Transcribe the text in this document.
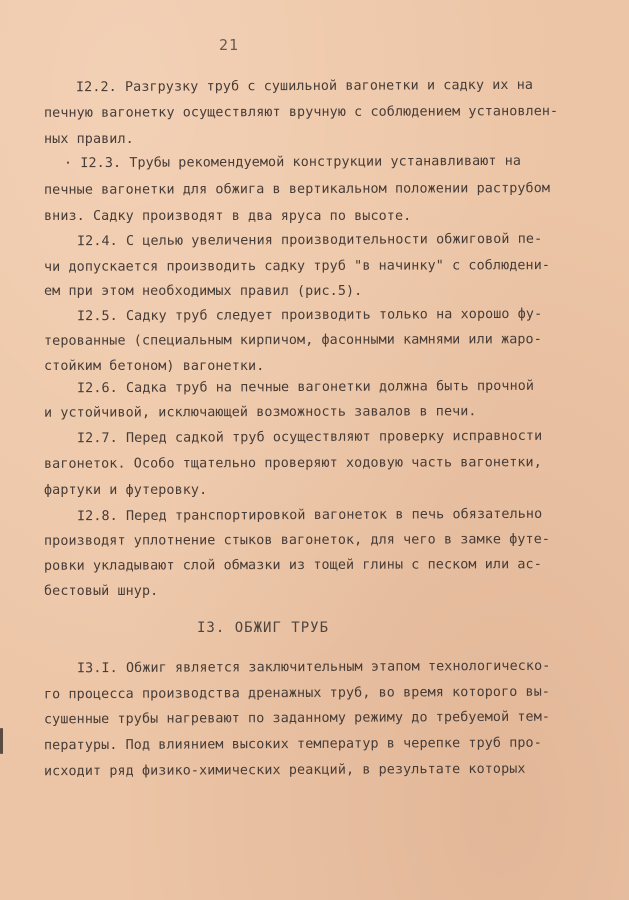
21
I2.2. Разгрузку труб с сушильной вагонетки и садку их на
печную вагонетку осуществляют вручную с соблюдением установлен-
ных правил.
· I2.3. Трубы рекомендуемой конструкции устанавливают на
печные вагонетки для обжига в вертикальном положении раструбом
вниз. Садку производят в два яруса по высоте.
I2.4. С целью увеличения производительности обжиговой пе-
чи допускается производить садку труб "в начинку" с соблюдени-
ем при этом необходимых правил (рис.5).
I2.5. Садку труб следует производить только на хорошо фу-
терованные (специальным кирпичом, фасонными камнями или жаро-
стойким бетоном) вагонетки.
I2.6. Садка труб на печные вагонетки должна быть прочной
и устойчивой, исключающей возможность завалов в печи.
I2.7. Перед садкой труб осуществляют проверку исправности
вагонеток. Особо тщательно проверяют ходовую часть вагонетки,
фартуки и футеровку.
I2.8. Перед транспортировкой вагонеток в печь обязательно
производят уплотнение стыков вагонеток, для чего в замке футе-
ровки укладывают слой обмазки из тощей глины с песком или ас-
бестовый шнур.
I3. ОБЖИГ ТРУБ
I3.I. Обжиг является заключительным этапом технологическо-
го процесса производства дренажных труб, во время которого вы-
сушенные трубы нагревают по заданному режиму до требуемой тем-
пературы. Под влиянием высоких температур в черепке труб про-
исходит ряд физико-химических реакций, в результате которых
